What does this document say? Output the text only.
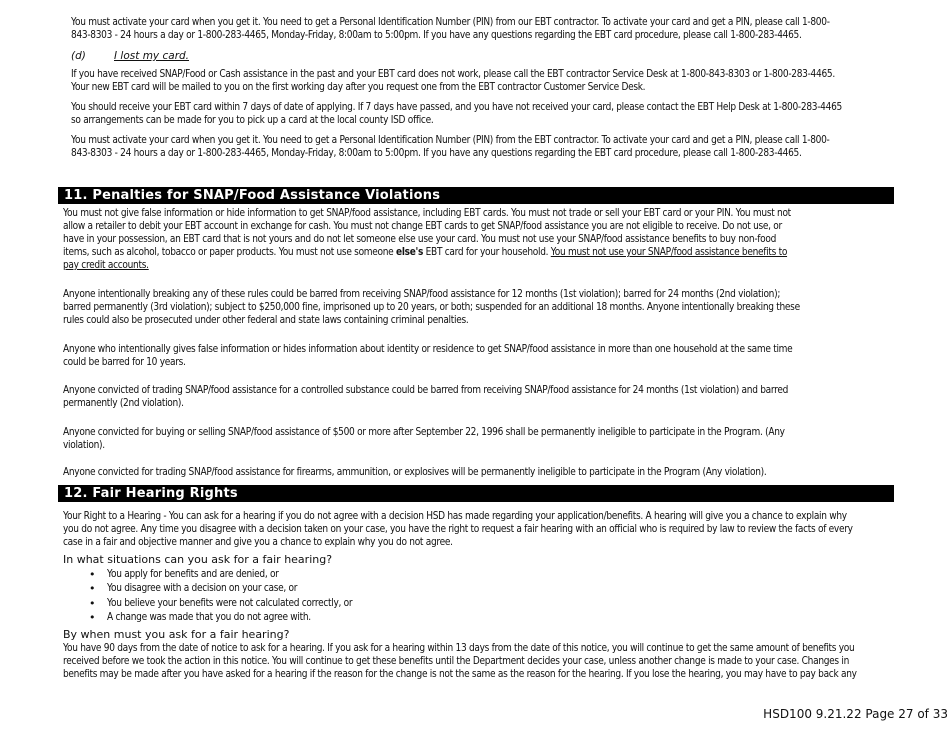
You must activate your card when you get it. You need to get a Personal Identification Number (PIN) from our EBT contractor. To activate your card and get a PIN, please call 1-800-
843-8303 - 24 hours a day or 1-800-283-4465, Monday-Friday, 8:00am to 5:00pm. If you have any questions regarding the EBT card procedure, please call 1-800-283-4465.
(d)	I lost my card.
If you have received SNAP/Food or Cash assistance in the past and your EBT card does not work, please call the EBT contractor Service Desk at 1-800-843-8303 or 1-800-283-4465.
Your new EBT card will be mailed to you on the first working day after you request one from the EBT contractor Customer Service Desk.
You should receive your EBT card within 7 days of date of applying. If 7 days have passed, and you have not received your card, please contact the EBT Help Desk at 1-800-283-4465
so arrangements can be made for you to pick up a card at the local county ISD office.
You must activate your card when you get it. You need to get a Personal Identification Number (PIN) from the EBT contractor. To activate your card and get a PIN, please call 1-800-
843-8303 - 24 hours a day or 1-800-283-4465, Monday-Friday, 8:00am to 5:00pm. If you have any questions regarding the EBT card procedure, please call 1-800-283-4465.
11. Penalties for SNAP/Food Assistance Violations
You must not give false information or hide information to get SNAP/food assistance, including EBT cards. You must not trade or sell your EBT card or your PIN. You must not
allow a retailer to debit your EBT account in exchange for cash. You must not change EBT cards to get SNAP/food assistance you are not eligible to receive. Do not use, or
have in your possession, an EBT card that is not yours and do not let someone else use your card. You must not use your SNAP/food assistance benefits to buy non-food
items, such as alcohol, tobacco or paper products. You must not use someone else's EBT card for your household. You must not use your SNAP/food assistance benefits to
pay credit accounts.
Anyone intentionally breaking any of these rules could be barred from receiving SNAP/food assistance for 12 months (1st violation); barred for 24 months (2nd violation);
barred permanently (3rd violation); subject to $250,000 fine, imprisoned up to 20 years, or both; suspended for an additional 18 months. Anyone intentionally breaking these
rules could also be prosecuted under other federal and state laws containing criminal penalties.
Anyone who intentionally gives false information or hides information about identity or residence to get SNAP/food assistance in more than one household at the same time
could be barred for 10 years.
Anyone convicted of trading SNAP/food assistance for a controlled substance could be barred from receiving SNAP/food assistance for 24 months (1st violation) and barred
permanently (2nd violation).
Anyone convicted for buying or selling SNAP/food assistance of $500 or more after September 22, 1996 shall be permanently ineligible to participate in the Program. (Any
violation).
Anyone convicted for trading SNAP/food assistance for firearms, ammunition, or explosives will be permanently ineligible to participate in the Program (Any violation).
12. Fair Hearing Rights
Your Right to a Hearing - You can ask for a hearing if you do not agree with a decision HSD has made regarding your application/benefits. A hearing will give you a chance to explain why
you do not agree. Any time you disagree with a decision taken on your case, you have the right to request a fair hearing with an official who is required by law to review the facts of every
case in a fair and objective manner and give you a chance to explain why you do not agree.
In what situations can you ask for a fair hearing?
• You apply for benefits and are denied, or
• You disagree with a decision on your case, or
• You believe your benefits were not calculated correctly, or
• A change was made that you do not agree with.
By when must you ask for a fair hearing?
You have 90 days from the date of notice to ask for a hearing. If you ask for a hearing within 13 days from the date of this notice, you will continue to get the same amount of benefits you
received before we took the action in this notice. You will continue to get these benefits until the Department decides your case, unless another change is made to your case. Changes in
benefits may be made after you have asked for a hearing if the reason for the change is not the same as the reason for the hearing. If you lose the hearing, you may have to pay back any
HSD100 9.21.22 Page 27 of 33
